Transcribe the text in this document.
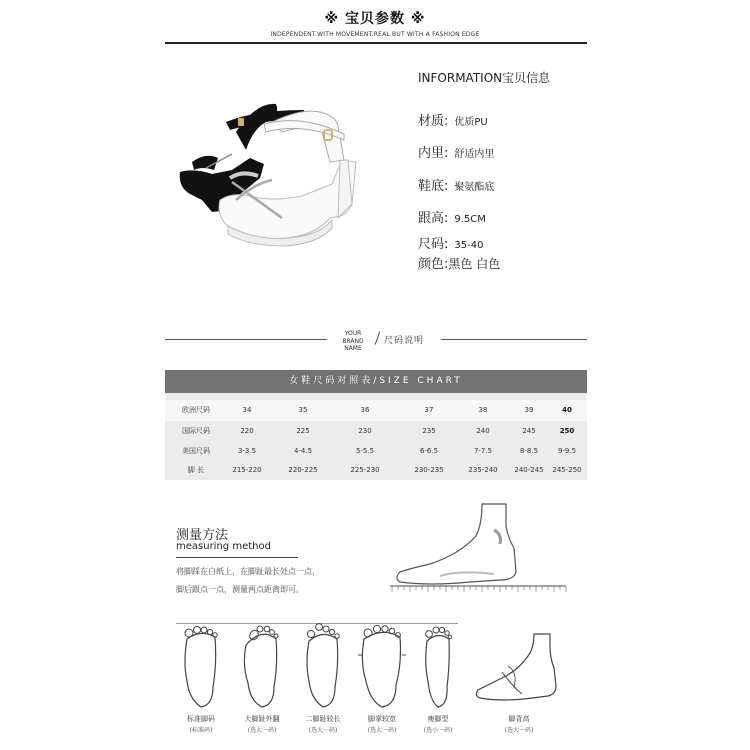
※ 宝贝参数 ※
INDEPENDENT.WITH MOVEMENT.REAL BUT WITH A FASHION EDGE
INFORMATION宝贝信息
材质: 优质PU
内里: 舒适内里
鞋底: 聚氨酯底
跟高: 9.5CM
尺码: 35-40
颜色:黑色 白色
YOUR
BRAND NAME
尺码说明
女鞋尺码对照表/SIZE CHART
欧洲尺码	34	35	36	37	38	39	40
国际尺码	220	225	230	235	240	245	250
美国尺码	3-3.5	4-4.5	5-5.5	6-6.5	7-7.5	8-8.5	9-9.5
脚 长	215-220	220-225	225-230	230-235	235-240	240-245	245-250
测量方法
measuring method
将脚踩在白纸上，在脚趾最长处点一点，
脚后跟点一点，测量两点距离即可。
标准脚码
(标准码)
大脚趾外翻
(选大一码)
二脚趾较长
(选大一码)
脚掌较宽
(选大一码)
瘦脚型
(选小一码)
脚背高
(选大一码)
